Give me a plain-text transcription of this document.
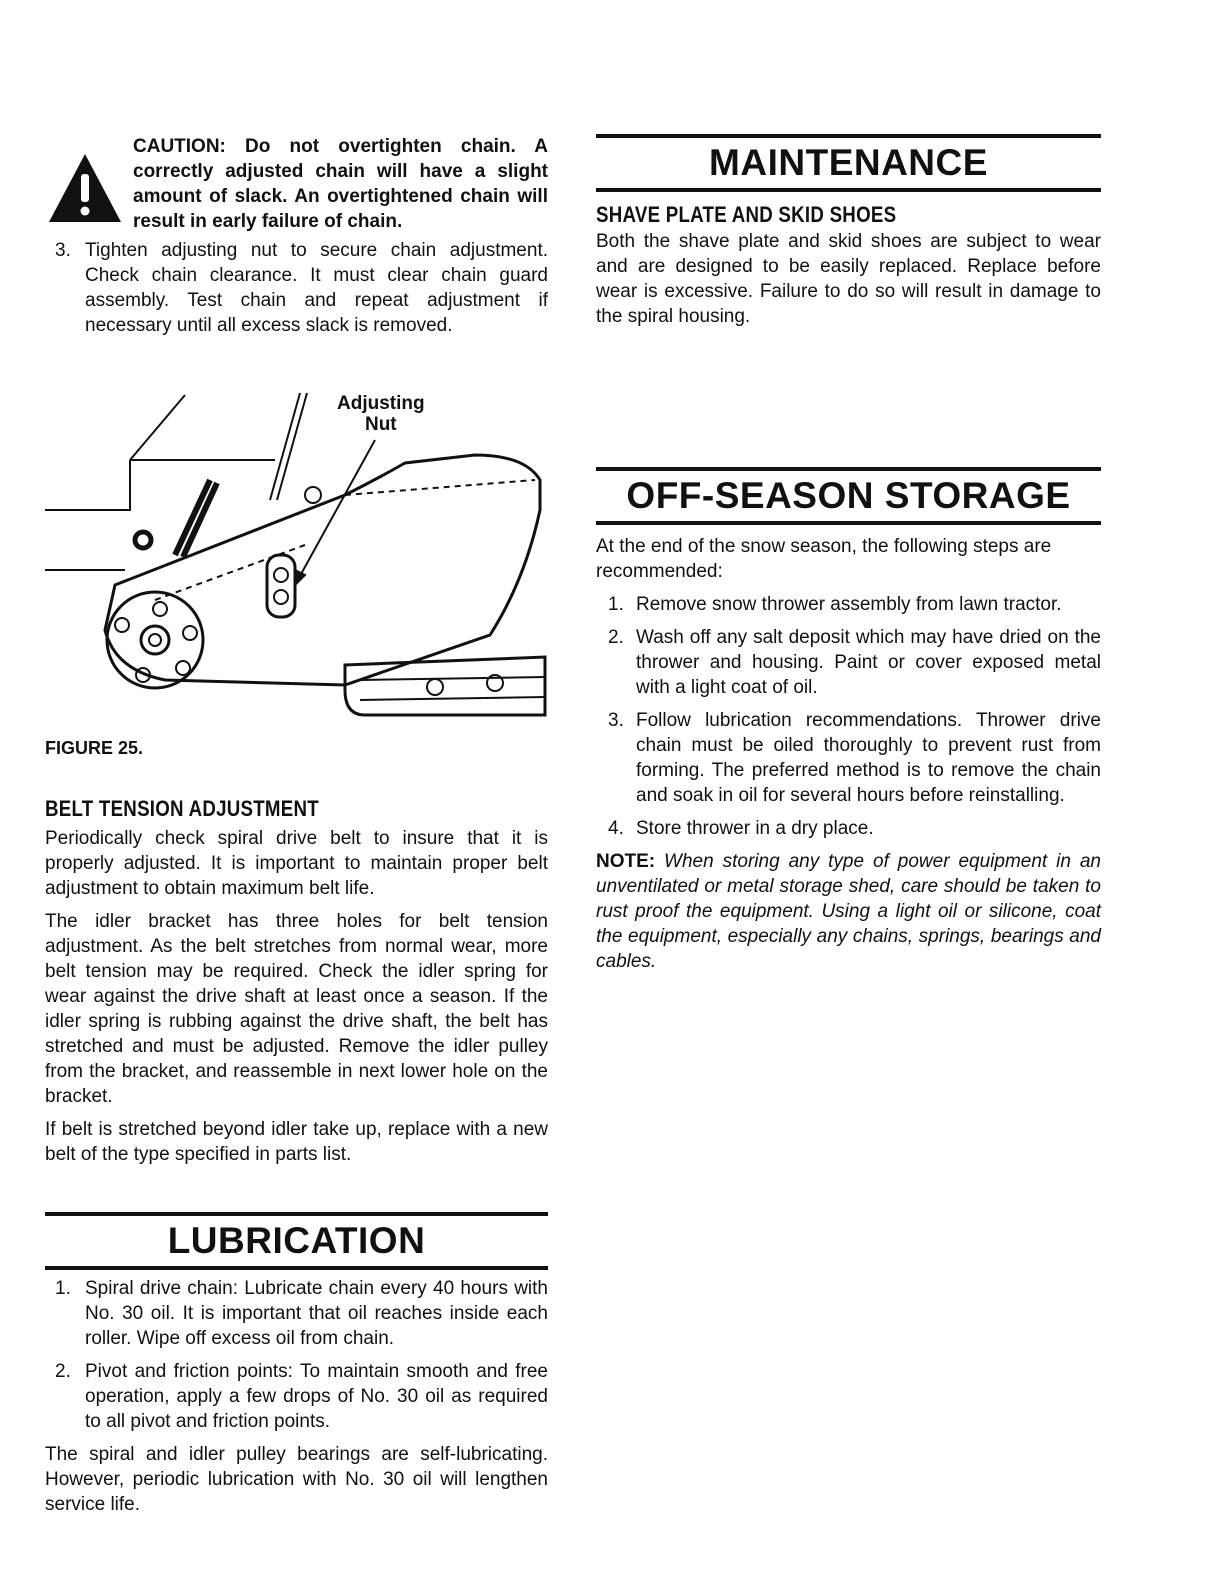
CAUTION: Do not overtighten chain. A correctly adjusted chain will have a slight amount of slack. An overtightened chain will result in early failure of chain.
3. Tighten adjusting nut to secure chain adjustment. Check chain clearance. It must clear chain guard assembly. Test chain and repeat adjustment if necessary until all excess slack is removed.
Adjusting
Nut
FIGURE 25.
BELT TENSION ADJUSTMENT

Periodically check spiral drive belt to insure that it is properly adjusted. It is important to maintain proper belt adjustment to obtain maximum belt life.

The idler bracket has three holes for belt tension adjustment. As the belt stretches from normal wear, more belt tension may be required. Check the idler spring for wear against the drive shaft at least once a season. If the idler spring is rubbing against the drive shaft, the belt has stretched and must be adjusted. Remove the idler pulley from the bracket, and reassemble in next lower hole on the bracket.

If belt is stretched beyond idler take up, replace with a new belt of the type specified in parts list.

LUBRICATION
1. Spiral drive chain: Lubricate chain every 40 hours with No. 30 oil. It is important that oil reaches inside each roller. Wipe off excess oil from chain.
2. Pivot and friction points: To maintain smooth and free operation, apply a few drops of No. 30 oil as required to all pivot and friction points.

The spiral and idler pulley bearings are self-lubricating. However, periodic lubrication with No. 30 oil will lengthen service life.

MAINTENANCE
SHAVE PLATE AND SKID SHOES

Both the shave plate and skid shoes are subject to wear and are designed to be easily replaced. Replace before wear is excessive. Failure to do so will result in damage to the spiral housing.

OFF-SEASON STORAGE

At the end of the snow season, the following steps are recommended:

1. Remove snow thrower assembly from lawn tractor.
2. Wash off any salt deposit which may have dried on the thrower and housing. Paint or cover exposed metal with a light coat of oil.
3. Follow lubrication recommendations. Thrower drive chain must be oiled thoroughly to prevent rust from forming. The preferred method is to remove the chain and soak in oil for several hours before reinstalling.
4. Store thrower in a dry place.

NOTE: When storing any type of power equipment in an unventilated or metal storage shed, care should be taken to rust proof the equipment. Using a light oil or silicone, coat the equipment, especially any chains, springs, bearings and cables.
